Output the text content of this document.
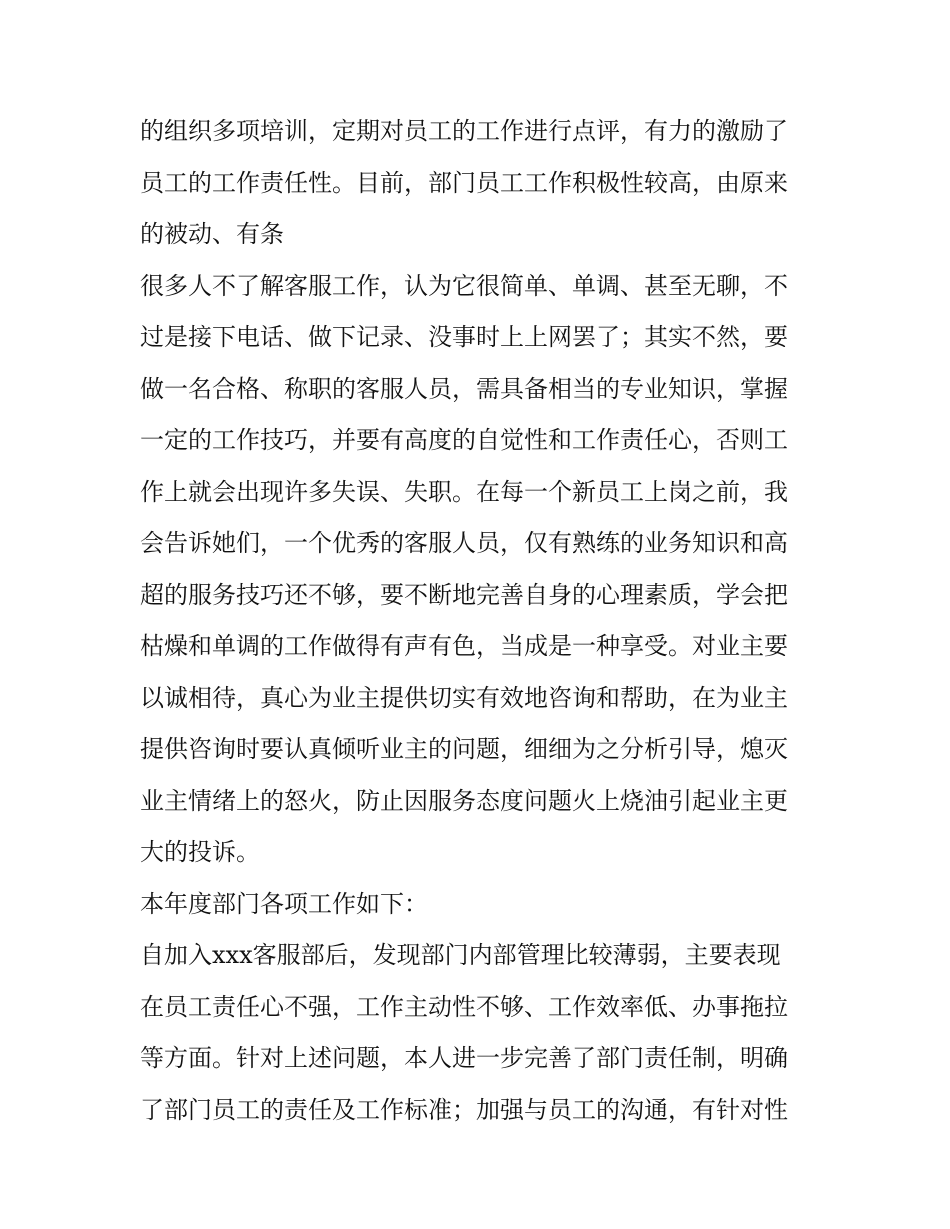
的组织多项培训，定期对员工的工作进行点评，有力的激励了

员工的工作责任性。目前，部门员工工作积极性较高，由原来

的被动、有条

很多人不了解客服工作，认为它很简单、单调、甚至无聊，不

过是接下电话、做下记录、没事时上上网罢了；其实不然，要

做一名合格、称职的客服人员，需具备相当的专业知识，掌握

一定的工作技巧，并要有高度的自觉性和工作责任心，否则工

作上就会出现许多失误、失职。在每一个新员工上岗之前，我

会告诉她们，一个优秀的客服人员，仅有熟练的业务知识和高

超的服务技巧还不够，要不断地完善自身的心理素质，学会把

枯燥和单调的工作做得有声有色，当成是一种享受。对业主要

以诚相待，真心为业主提供切实有效地咨询和帮助，在为业主

提供咨询时要认真倾听业主的问题，细细为之分析引导，熄灭

业主情绪上的怒火，防止因服务态度问题火上烧油引起业主更

大的投诉。

本年度部门各项工作如下：

自加入xxx客服部后，发现部门内部管理比较薄弱，主要表现

在员工责任心不强，工作主动性不够、工作效率低、办事拖拉

等方面。针对上述问题，本人进一步完善了部门责任制，明确

了部门员工的责任及工作标准；加强与员工的沟通，有针对性
